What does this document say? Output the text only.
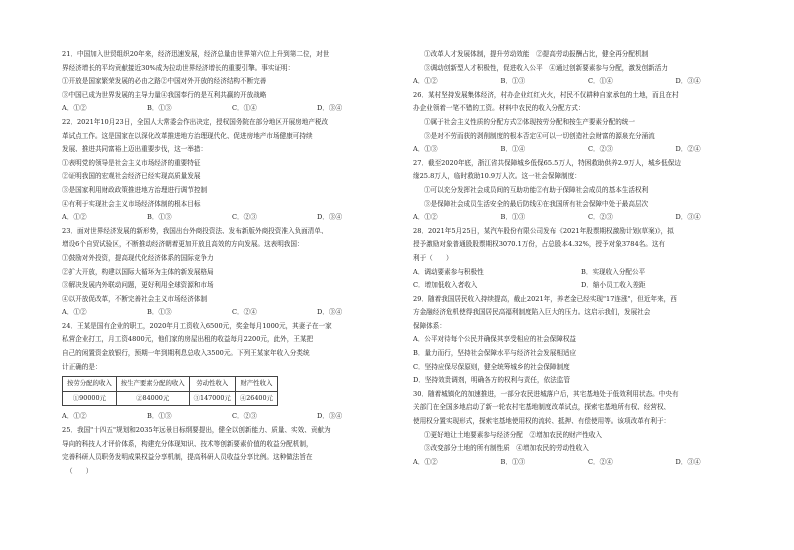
21．中国加入世贸组织20年来，经济迅速发展，经济总量由世界第六位上升到第二位，对世
界经济增长的平均贡献接近30%成为拉动世界经济增长的重要引擎。事实证明：
①开放是国家繁荣发展的必由之路②中国对外开放的经济结构不断完善
③中国已成为世界发展的主导力量④我国奉行的是互利共赢的开放战略
A．①②	B．①③	C．①④	D．③④
22．2021年10月23日，全国人大常委会作出决定，授权国务院在部分地区开展房地产税改
革试点工作。这是国家在以深化改革推进地方治理现代化、促进房地产市场健康可持续
发展、推进共同富裕上迈出重要步伐，这一举措：
①表明党的领导是社会主义市场经济的重要特征
②证明我国的宏观社会经济已经实现高质量发展
③是国家利用财政政策推进地方治理进行调节控制
④有利于实现社会主义市场经济体制的根本目标
A．①②	B．①③	C．②③	D．③④
23．面对世界经济发展的新形势，我国出台外商投资法、发布新版外商投资准入负面清单、
增设6个自贸试验区，不断推动经济朝着更加开放且高效的方向发展。这表明我国：
①鼓励对外投资，提高现代化经济体系的国际竞争力
②扩大开放，构建以国际大循环为主体的新发展格局
③解决发展内外联动问题，更好利用全球资源和市场
④以开放促改革，不断完善社会主义市场经济体制
A．①②	B．①③	C．②④	D．③④
24．王某是国有企业的职工，2020年月工资收入6500元，奖金每月1000元，其妻子在一家
私营企业打工，月工资4800元，他们家的房屋出租的收益每月2200元，此外，王某把
自己的闲置资金放银行，预期一年到期利息总收入3500元。下列王某家年收入分类统
计正确的是：
按劳分配的收入	按生产要素分配的收入	劳动性收入	财产性收入
①90000元	②84000元	③147000元	④26400元
A．①②	B．①③	C．②③	D．③④
25．我国"十四五"规划和2035年远景目标纲要提出，健全以创新能力、质量、实效、贡献为
导向的科技人才评价体系，构建充分体现知识、技术等创新要素价值的收益分配机制，
完善科研人员职务发明成果权益分享机制，提高科研人员收益分享比例。这种做法旨在
（　　）
①改革人才发展体制，提升劳动效能　②提高劳动报酬占比，健全再分配机制
③调动创新型人才积极性，促进收入公平　④通过创新要素参与分配，激发创新活力
A．①②	B．①③	C．①④	D．③④
26．某村坚持发展集体经济，村办企业红红火火，村民不仅耕种自家承包的土地，而且在村
办企业领着一笔不错的工资。材料中农民的收入分配方式：
①属于社会主义性质的分配方式②体现按劳分配和按生产要素分配的统一
③是对不劳而获的剥削制度的根本否定④可以一切创造社会财富的源泉充分涌流
A．①③	B．①④	C．②③	D．②④
27．截至2020年底，浙江省共保障城乡低保65.5万人，特困救助供养2.9万人，城乡低保边
缘25.8万人，临时救助10.9万人次。这一社会保障制度：
①可以充分发挥社会成员间的互助功能②有助于保障社会成员的基本生活权利
③是保障社会成员生活安全的最后防线④在我国所有社会保障中处于最高层次
A．①②	B．①③	C．②③	D．③④
28．2021年5月25日，某汽车股份有限公司发布《2021年股票期权激励计划(草案)》，拟
授予激励对象普通股股票期权3070.1万份，占总股本4.32%，授予对象3784名。这有
利于（　　）
A．调动要素参与积极性	B．实现收入分配公平
C．增加低收入者收入	D．缩小员工收入差距
29．随着我国居民收入持续提高，截止2021年，养老金已经实现"17连涨"，但近年来，西
方金融经济危机使得我国居民高福利制度陷入巨大的压力。这启示我们，发展社会
保障体系：
A．公平对待每个公民并确保其享受相应的社会保障权益
B．量力而行，坚持社会保障水平与经济社会发展相适应
C．坚持应保尽保原则，健全统筹城乡的社会保障制度
D．坚持效贵调剂，明确各方的权利与责任，依法监管
30．随着城镇化的加速推进，一部分农民进城落户后，其宅基地处于低效利用状态。中央有
关部门在全国多地启动了新一轮农村宅基地制度改革试点，探索宅基地所有权、经营权、
使用权分置实现形式，探索宅基地使用权的流转、抵押、有偿使用等。该项改革有利于：
①更好地让土地要素参与经济分配　②增加农民的财产性收入
③改变部分土地的所有制性质　④增加农民的劳动性收入
A．①②	B．①③	C．②④	D．③④
